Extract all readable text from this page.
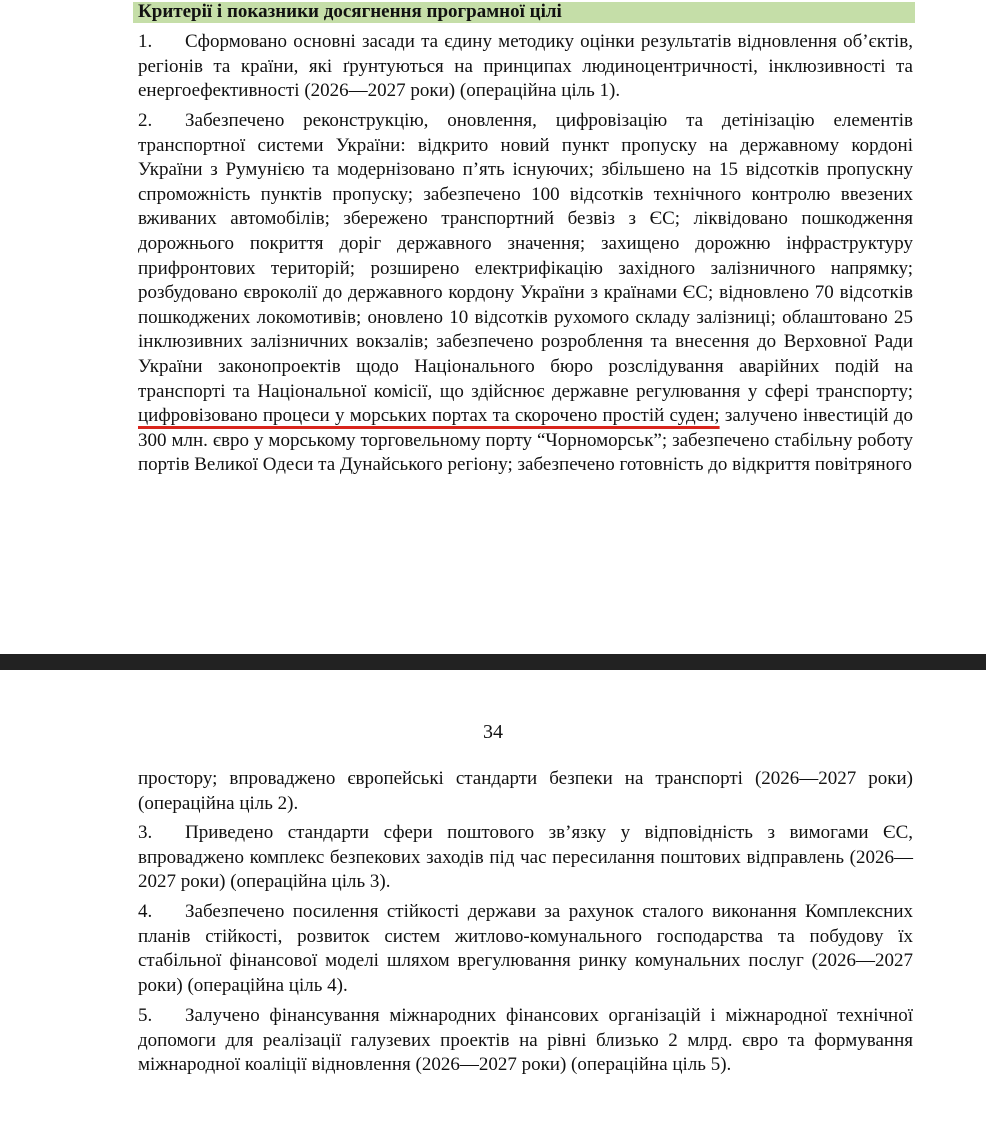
Критерії і показники досягнення програмної цілі

1. Сформовано основні засади та єдину методику оцінки результатів відновлення об’єктів, регіонів та країни, які ґрунтуються на принципах людиноцентричності, інклюзивності та енергоефективності (2026—2027 роки) (операційна ціль 1).

2. Забезпечено реконструкцію, оновлення, цифровізацію та детінізацію елементів транспортної системи України: відкрито новий пункт пропуску на державному кордоні України з Румунією та модернізовано п’ять існуючих; збільшено на 15 відсотків пропускну спроможність пунктів пропуску; забезпечено 100 відсотків технічного контролю ввезених вживаних автомобілів; збережено транспортний безвіз з ЄС; ліквідовано пошкодження дорожнього покриття доріг державного значення; захищено дорожню інфраструктуру прифронтових територій; розширено електрифікацію західного залізничного напрямку; розбудовано євроколії до державного кордону України з країнами ЄС; відновлено 70 відсотків пошкоджених локомотивів; оновлено 10 відсотків рухомого складу залізниці; облаштовано 25 інклюзивних залізничних вокзалів; забезпечено розроблення та внесення до Верховної Ради України законопроектів щодо Національного бюро розслідування аварійних подій на транспорті та Національної комісії, що здійснює державне регулювання у сфері транспорту; цифровізовано процеси у морських портах та скорочено простій суден; залучено інвестицій до 300 млн. євро у морському торговельному порту “Чорноморськ”; забезпечено стабільну роботу портів Великої Одеси та Дунайського регіону; забезпечено готовність до відкриття повітряного

34

простору; впроваджено європейські стандарти безпеки на транспорті (2026—2027 роки) (операційна ціль 2).

3. Приведено стандарти сфери поштового зв’язку у відповідність з вимогами ЄС, впроваджено комплекс безпекових заходів під час пересилання поштових відправлень (2026—2027 роки) (операційна ціль 3).

4. Забезпечено посилення стійкості держави за рахунок сталого виконання Комплексних планів стійкості, розвиток систем житлово-комунального господарства та побудову їх стабільної фінансової моделі шляхом врегулювання ринку комунальних послуг (2026—2027 роки) (операційна ціль 4).

5. Залучено фінансування міжнародних фінансових організацій і міжнародної технічної допомоги для реалізації галузевих проектів на рівні близько 2 млрд. євро та формування міжнародної коаліції відновлення (2026—2027 роки) (операційна ціль 5).
